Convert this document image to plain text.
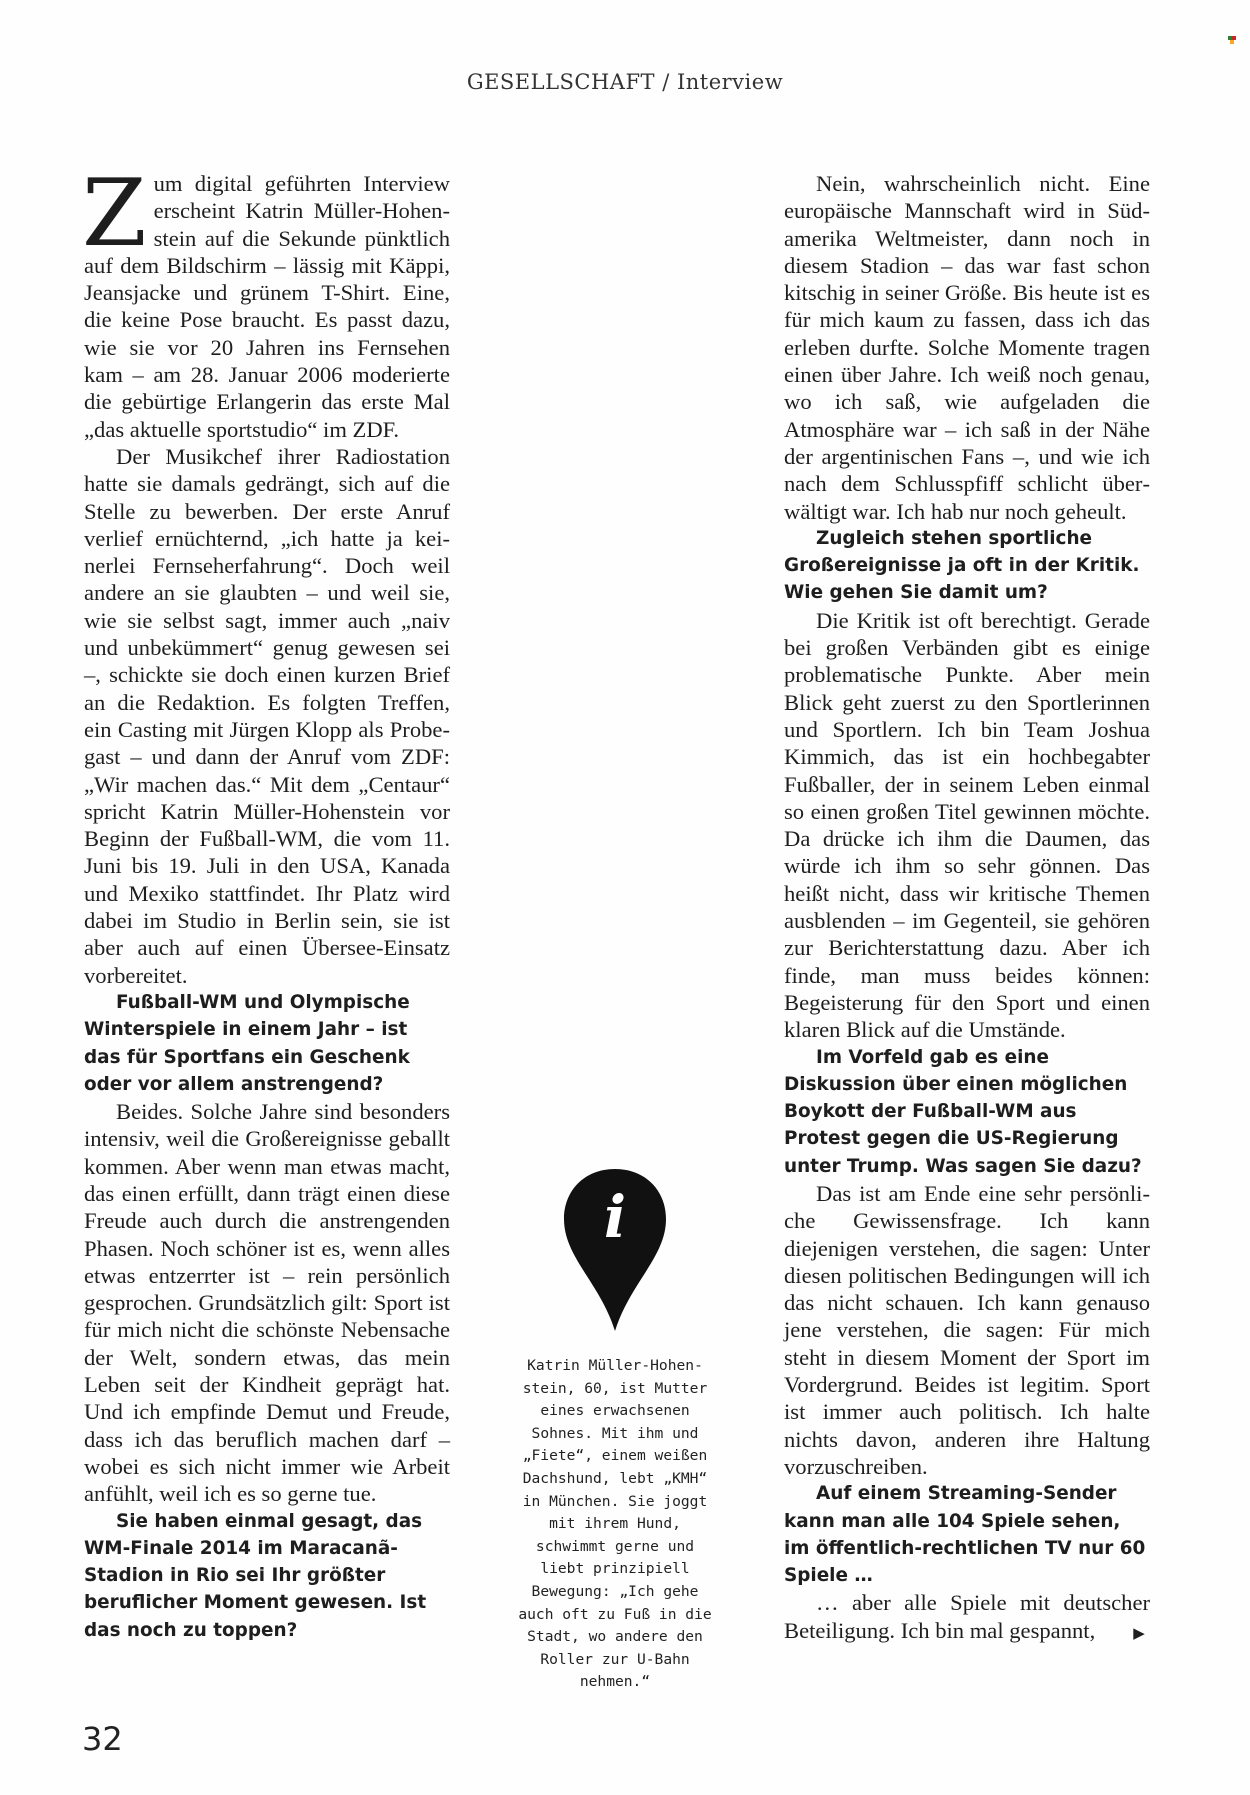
GESELLSCHAFT / Interview

Zum digital geführten Interview erscheint Katrin Müller-Hohenstein auf die Sekunde pünktlich auf dem Bildschirm – lässig mit Käppi, Jeansjacke und grünem T-Shirt. Eine, die keine Pose braucht. Es passt dazu, wie sie vor 20 Jahren ins Fernsehen kam – am 28. Januar 2006 moderierte die gebürtige Erlangerin das erste Mal „das aktuelle sportstudio“ im ZDF.

Der Musikchef ihrer Radiostation hatte sie damals gedrängt, sich auf die Stelle zu bewerben. Der erste Anruf verlief ernüchternd, „ich hatte ja keinerlei Fernseherfahrung“. Doch weil andere an sie glaubten – und weil sie, wie sie selbst sagt, immer auch „naiv und unbekümmert“ genug gewesen sei –, schickte sie doch einen kurzen Brief an die Redaktion. Es folgten Treffen, ein Casting mit Jürgen Klopp als Probegast – und dann der Anruf vom ZDF: „Wir machen das.“ Mit dem „Centaur“ spricht Katrin Müller-Hohenstein vor Beginn der Fußball-WM, die vom 11. Juni bis 19. Juli in den USA, Kanada und Mexiko stattfindet. Ihr Platz wird dabei im Studio in Berlin sein, sie ist aber auch auf einen Übersee-Einsatz vorbereitet.

Fußball-WM und Olympische Winterspiele in einem Jahr – ist das für Sportfans ein Geschenk oder vor allem anstrengend?

Beides. Solche Jahre sind besonders intensiv, weil die Großereignisse geballt kommen. Aber wenn man etwas macht, das einen erfüllt, dann trägt einen diese Freude auch durch die anstrengenden Phasen. Noch schöner ist es, wenn alles etwas entzerrter ist – rein persönlich gesprochen. Grundsätzlich gilt: Sport ist für mich nicht die schönste Nebensache der Welt, sondern etwas, das mein Leben seit der Kindheit geprägt hat. Und ich empfinde Demut und Freude, dass ich das beruflich machen darf – wobei es sich nicht immer wie Arbeit anfühlt, weil ich es so gerne tue.

Sie haben einmal gesagt, das WM-Finale 2014 im Maracanã-Stadion in Rio sei Ihr größter beruflicher Moment gewesen. Ist das noch zu toppen?

Nein, wahrscheinlich nicht. Eine europäische Mannschaft wird in Südamerika Weltmeister, dann noch in diesem Stadion – das war fast schon kitschig in seiner Größe. Bis heute ist es für mich kaum zu fassen, dass ich das erleben durfte. Solche Momente tragen einen über Jahre. Ich weiß noch genau, wo ich saß, wie aufgeladen die Atmosphäre war – ich saß in der Nähe der argentinischen Fans –, und wie ich nach dem Schlusspfiff schlicht überwältigt war. Ich hab nur noch geheult.

Zugleich stehen sportliche Großereignisse ja oft in der Kritik. Wie gehen Sie damit um?

Die Kritik ist oft berechtigt. Gerade bei großen Verbänden gibt es einige problematische Punkte. Aber mein Blick geht zuerst zu den Sportlerinnen und Sportlern. Ich bin Team Joshua Kimmich, das ist ein hochbegabter Fußballer, der in seinem Leben einmal so einen großen Titel gewinnen möchte. Da drücke ich ihm die Daumen, das würde ich ihm so sehr gönnen. Das heißt nicht, dass wir kritische Themen ausblenden – im Gegenteil, sie gehören zur Berichterstattung dazu. Aber ich finde, man muss beides können: Begeisterung für den Sport und einen klaren Blick auf die Umstände.

Im Vorfeld gab es eine Diskussion über einen möglichen Boykott der Fußball-WM aus Protest gegen die US-Regierung unter Trump. Was sagen Sie dazu?

Das ist am Ende eine sehr persönliche Gewissensfrage. Ich kann diejenigen verstehen, die sagen: Unter diesen politischen Bedingungen will ich das nicht schauen. Ich kann genauso jene verstehen, die sagen: Für mich steht in diesem Moment der Sport im Vordergrund. Beides ist legitim. Sport ist immer auch politisch. Ich halte nichts davon, anderen ihre Haltung vorzuschreiben.

Auf einem Streaming-Sender kann man alle 104 Spiele sehen, im öffentlich-rechtlichen TV nur 60 Spiele …

… aber alle Spiele mit deutscher Beteiligung. Ich bin mal gespannt,	▶

i
Katrin Müller-Hohenstein, 60, ist Mutter eines erwachsenen Sohnes. Mit ihm und „Fiete“, einem weißen Dachshund, lebt „KMH“ in München. Sie joggt mit ihrem Hund, schwimmt gerne und liebt prinzipiell Bewegung: „Ich gehe auch oft zu Fuß in die Stadt, wo andere den Roller zur U-Bahn nehmen.“
32
